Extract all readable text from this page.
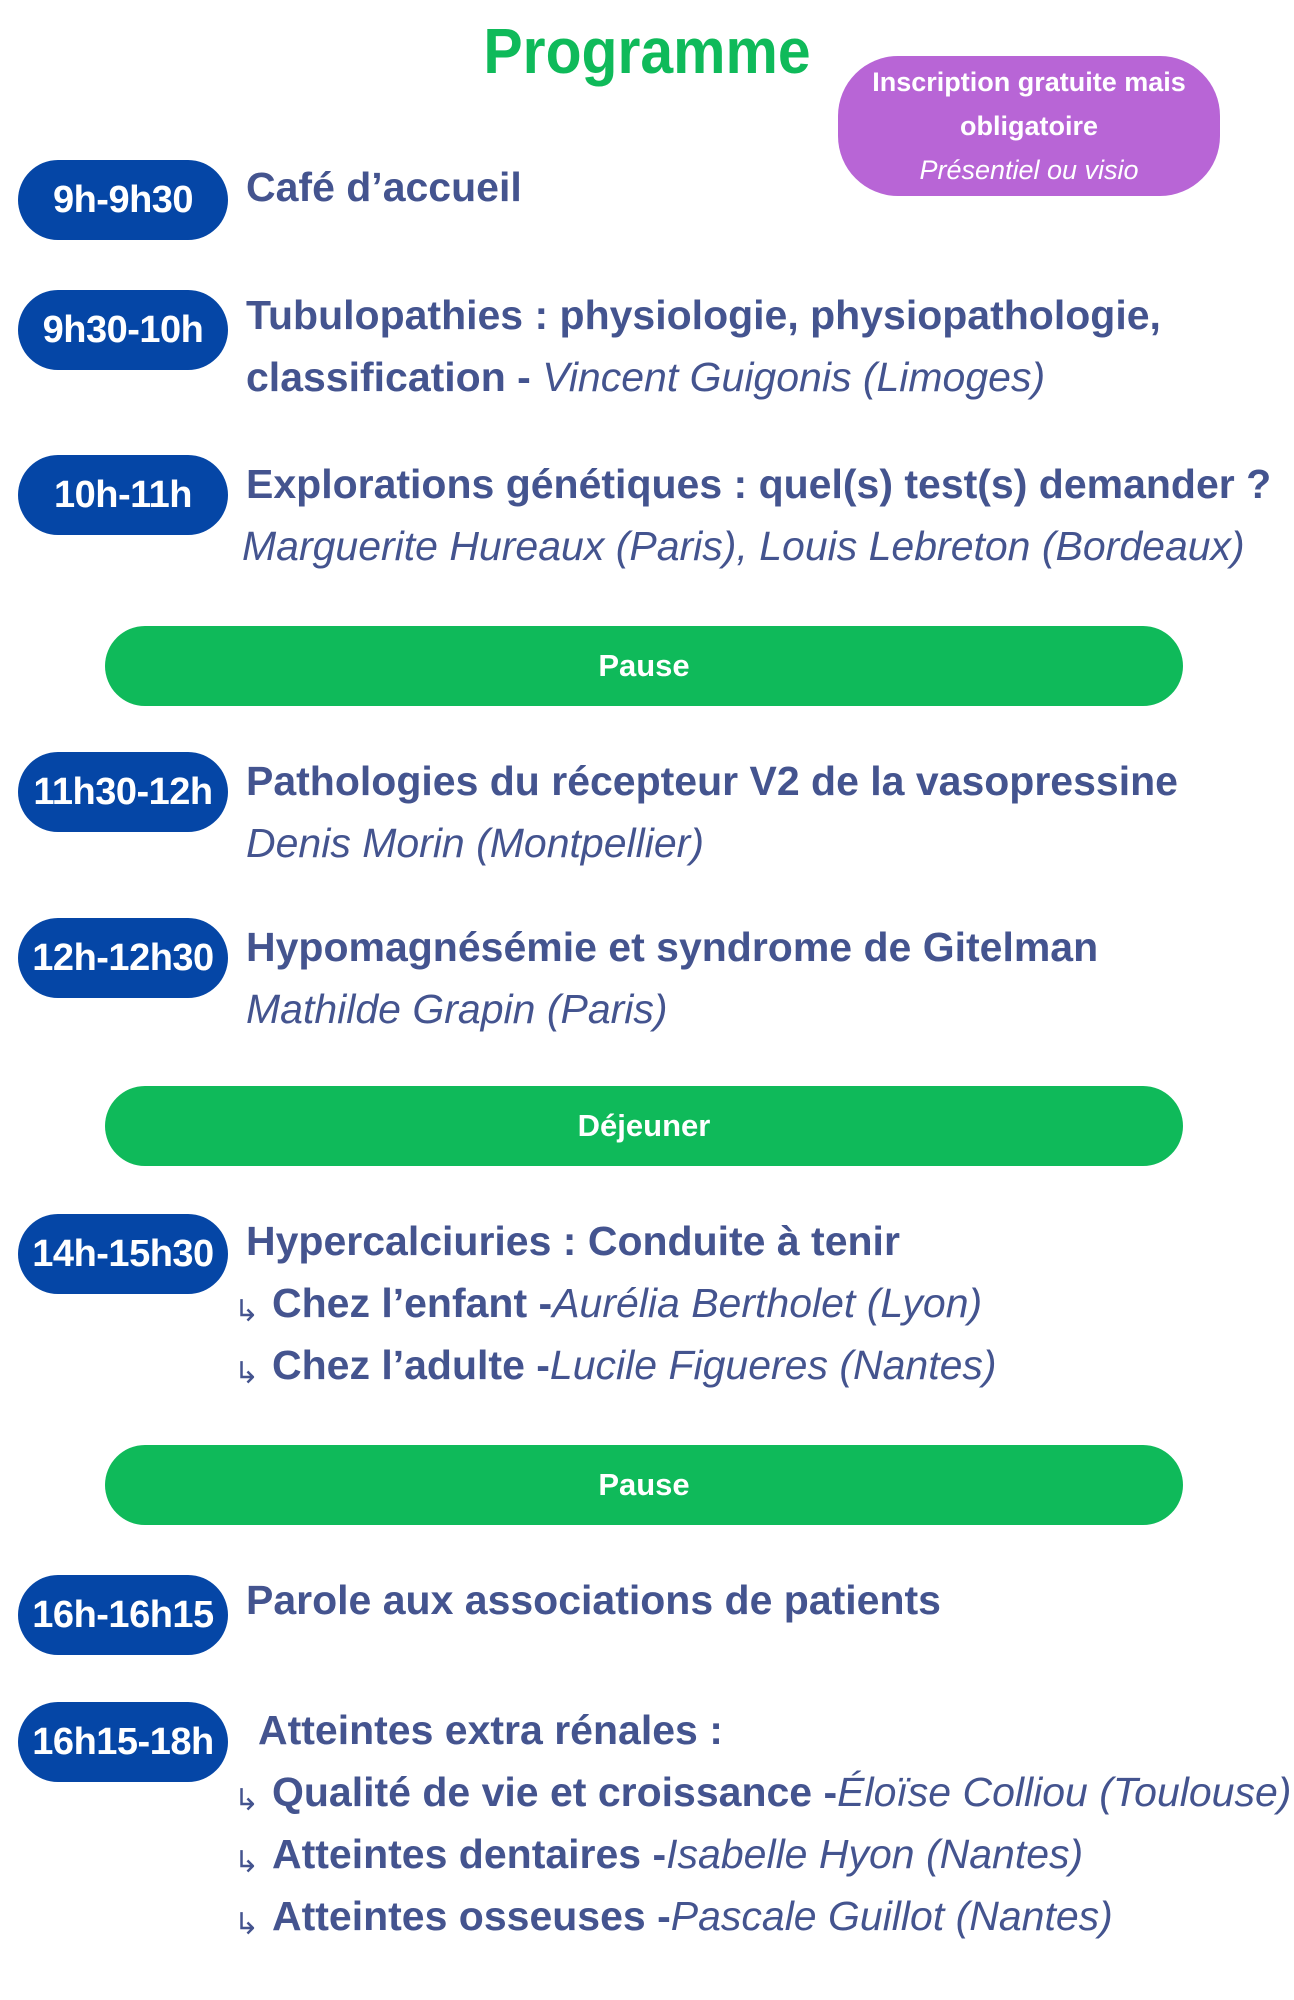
Programme	Inscription gratuite mais
obligatoire
Présentiel ou visio
9h-9h30	Café d’accueil
9h30-10h	Tubulopathies : physiologie, physiopathologie,
classification - Vincent Guigonis (Limoges)
10h-11h	Explorations génétiques : quel(s) test(s) demander ?
Marguerite Hureaux (Paris), Louis Lebreton (Bordeaux)
Pause
11h30-12h Pathologies du récepteur V2 de la vasopressine
Denis Morin (Montpellier)
12h-12h30 Hypomagnésémie et syndrome de Gitelman
Mathilde Grapin (Paris)
Déjeuner
14h-15h30 Hypercalciuries : Conduite à tenir
↳ Chez l’enfant - Aurélia Bertholet (Lyon)
↳ Chez l’adulte - Lucile Figueres (Nantes)
Pause
16h-16h15 Parole aux associations de patients
16h15-18h	Atteintes extra rénales :
↳ Qualité de vie et croissance - Éloïse Colliou (Toulouse)
↳ Atteintes dentaires - Isabelle Hyon (Nantes)
↳ Atteintes osseuses - Pascale Guillot (Nantes)
